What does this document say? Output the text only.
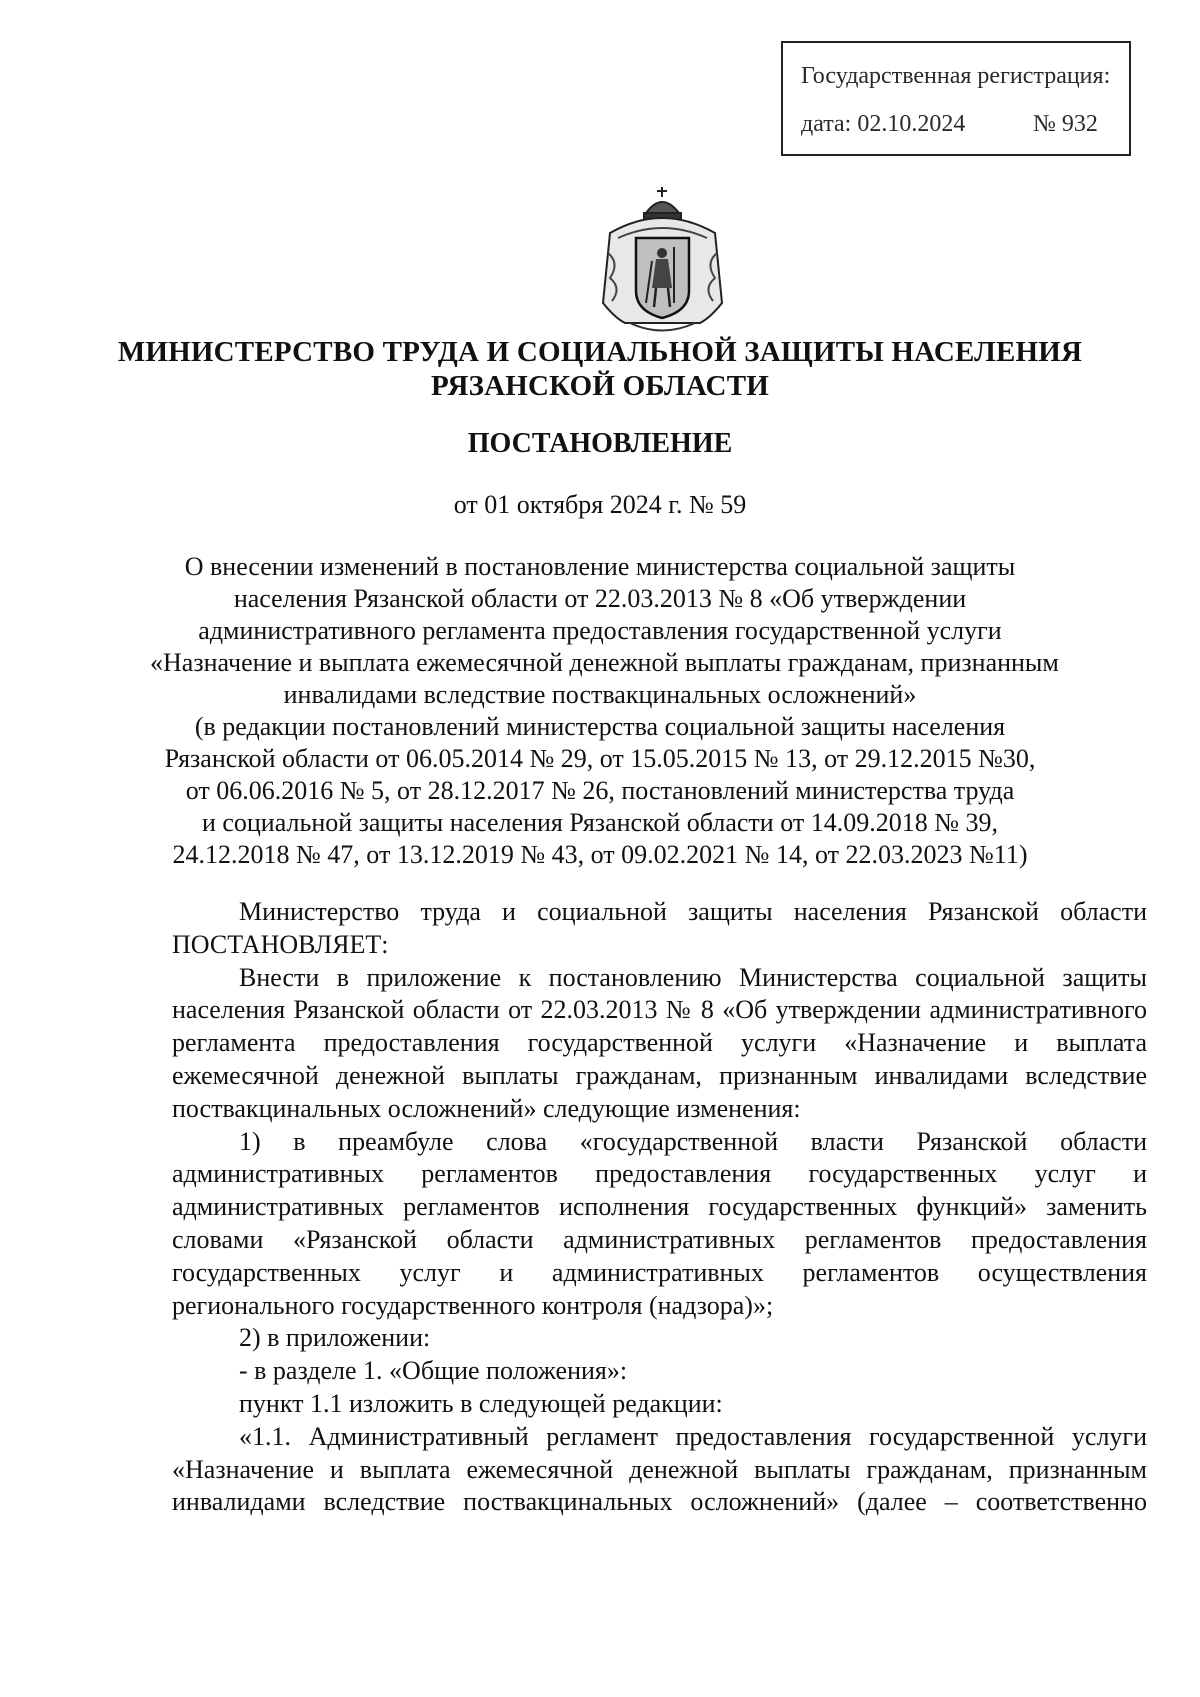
Государственная регистрация:
дата: 02.10.2024	№ 932
МИНИСТЕРСТВО ТРУДА И СОЦИАЛЬНОЙ ЗАЩИТЫ НАСЕЛЕНИЯ
РЯЗАНСКОЙ ОБЛАСТИ
ПОСТАНОВЛЕНИЕ
от 01 октября 2024 г. № 59
О внесении изменений в постановление министерства социальной защиты
населения Рязанской области от 22.03.2013 № 8 «Об утверждении
административного регламента предоставления государственной услуги
«Назначение и выплата ежемесячной денежной выплаты гражданам, признанным
инвалидами вследствие поствакцинальных осложнений»
(в редакции постановлений министерства социальной защиты населения
Рязанской области от 06.05.2014 № 29, от 15.05.2015 № 13, от 29.12.2015 №30,
от 06.06.2016 № 5, от 28.12.2017 № 26, постановлений министерства труда
и социальной защиты населения Рязанской области от 14.09.2018 № 39,
24.12.2018 № 47, от 13.12.2019 № 43, от 09.02.2021 № 14, от 22.03.2023 №11)

Министерство труда и социальной защиты населения Рязанской области ПОСТАНОВЛЯЕТ:

Внести в приложение к постановлению Министерства социальной защиты населения Рязанской области от 22.03.2013 № 8 «Об утверждении административного регламента предоставления государственной услуги «Назначение и выплата ежемесячной денежной выплаты гражданам, признанным инвалидами вследствие поствакцинальных осложнений» следующие изменения:

1) в преамбуле слова «государственной власти Рязанской области административных регламентов предоставления государственных услуг и административных регламентов исполнения государственных функций» заменить словами «Рязанской области административных регламентов предоставления государственных услуг и административных регламентов осуществления регионального государственного контроля (надзора)»;

2) в приложении:

- в разделе 1. «Общие положения»:

пункт 1.1 изложить в следующей редакции:

«1.1. Административный регламент предоставления государственной услуги «Назначение и выплата ежемесячной денежной выплаты гражданам, признанным инвалидами вследствие поствакцинальных осложнений» (далее – соответственно
